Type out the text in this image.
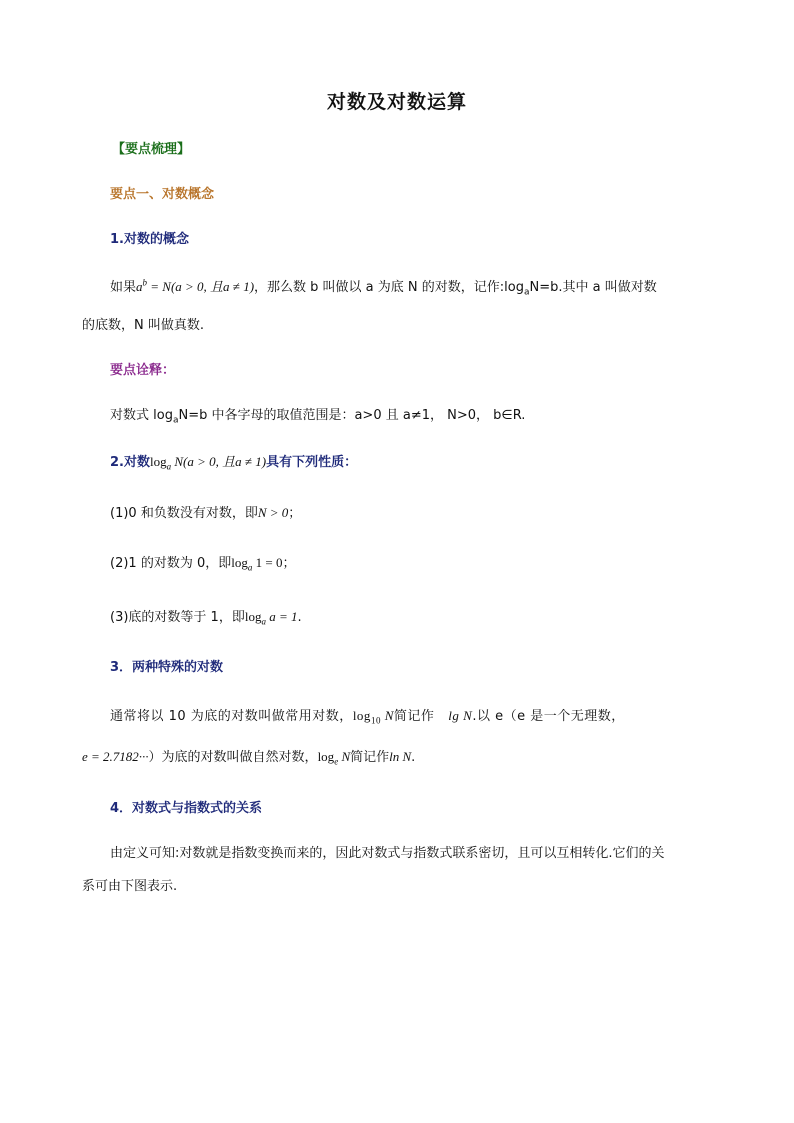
对数及对数运算
【要点梳理】
要点一、对数概念
1.对数的概念
如果$a^b = N(a > 0$, 且a ≠ 1)，那么数 b 叫做以 a 为底 N 的对数，记作$:\log_aN=b$.其中 a 叫做对数
的底数，N 叫做真数.
要点诠释：
对数式 $\log_aN=b$ 中各字母的取值范围是：a>0 且 a≠1， N>0， b∈R.
2.对数$\log_a N(a > 0$, 且a ≠ 1)具有下列性质：
(1)0 和负数没有对数，即N > 0；
(2)1 的对数为 0，即$\log_a 1 = 0$；
(3)底的对数等于 1，即$\log_a a = 1$.
3．两种特殊的对数
通常将以 10 为底的对数叫做常用对数，$\log_{10} N$简记作 lg N.以 e（e 是一个无理数，
e = 2.7182···）为底的对数叫做自然对数，$\log_e N$简记作ln N.
4．对数式与指数式的关系
由定义可知:对数就是指数变换而来的，因此对数式与指数式联系密切，且可以互相转化.它们的关
系可由下图表示.
